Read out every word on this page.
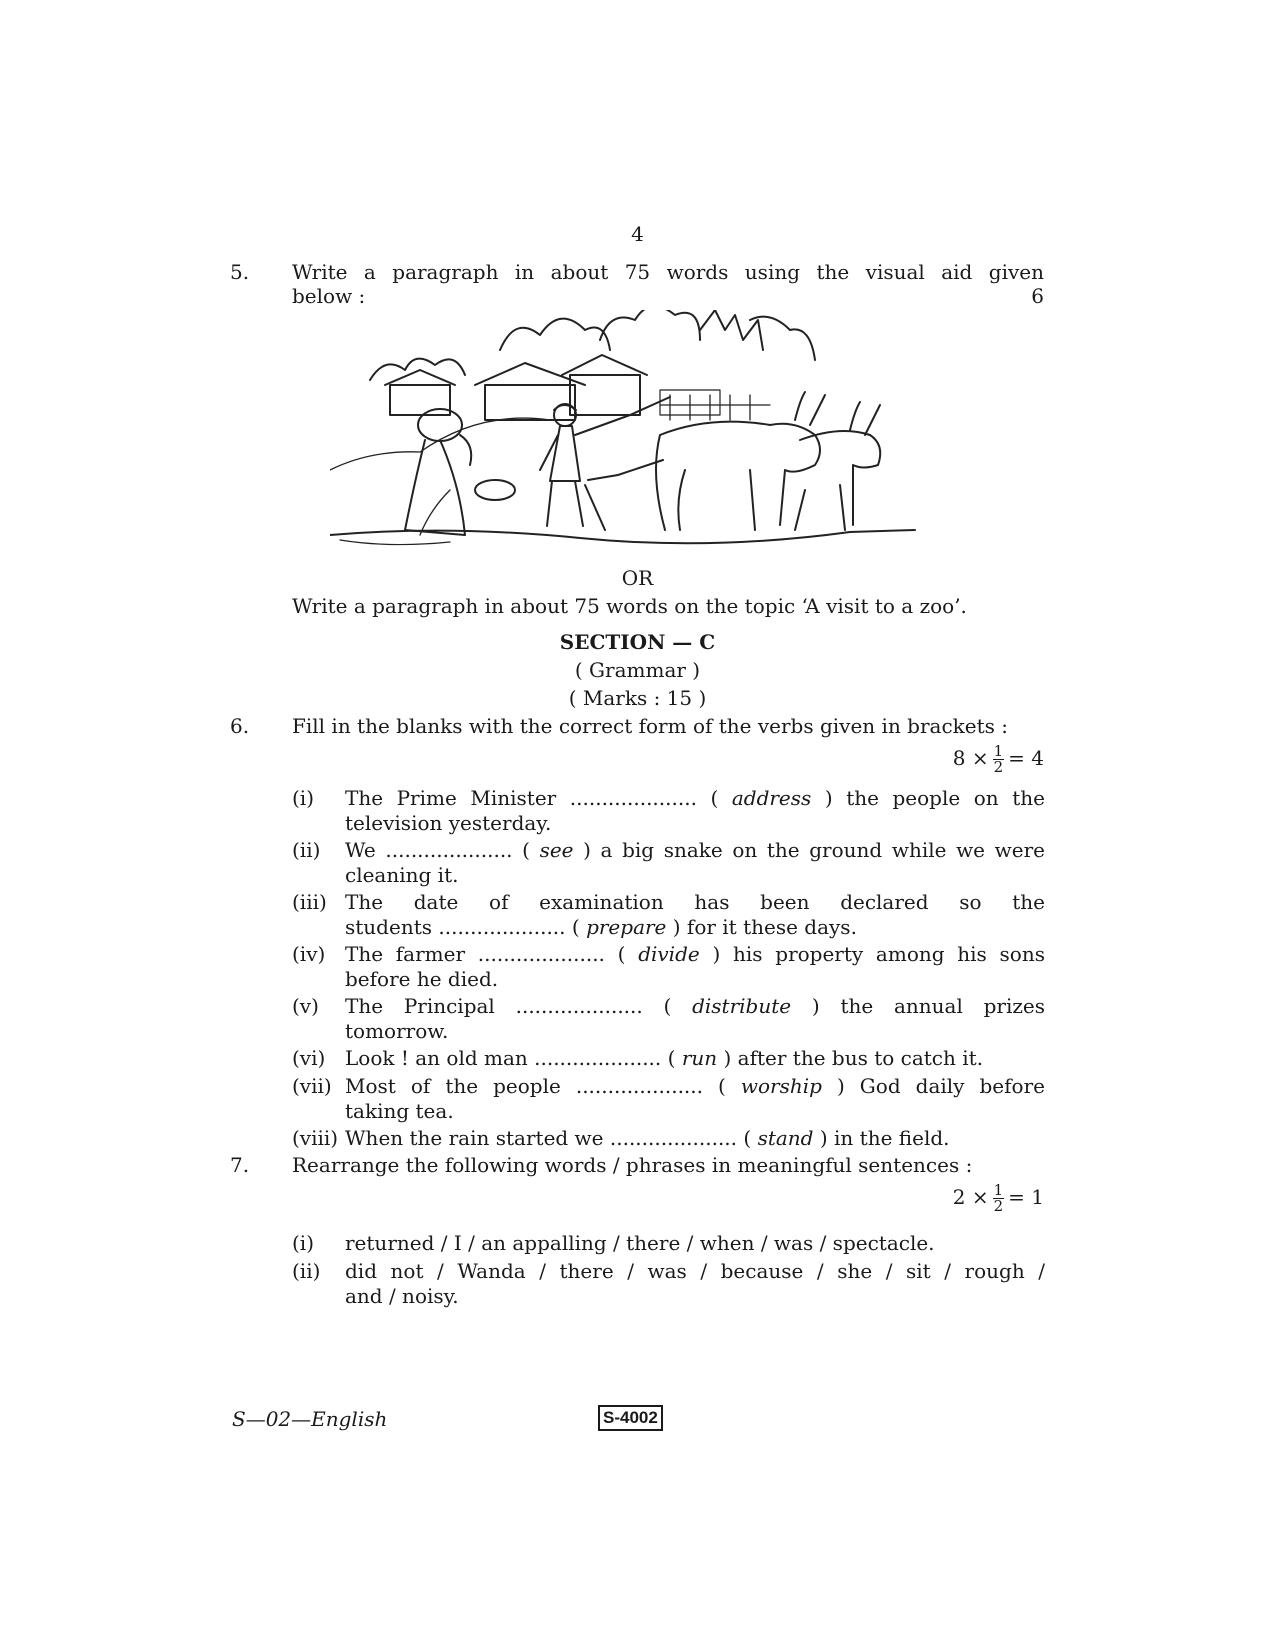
4
5. Write a paragraph in about 75 words using the visual aid given
below :	6
OR
Write a paragraph in about 75 words on the topic ‘A visit to a zoo’.
SECTION — C
( Grammar )
( Marks : 15 )
6. Fill in the blanks with the correct form of the verbs given in brackets :
$8 \times \frac{1}{2} = 4$
(i) The Prime Minister .................... ( address ) the people on the
television yesterday.
(ii) We .................... ( see ) a big snake on the ground while we were
cleaning it.
(iii) The date of examination has been declared so the
students .................... ( prepare ) for it these days.
(iv) The farmer .................... ( divide ) his property among his sons
before he died.
(v) The Principal .................... ( distribute ) the annual prizes
tomorrow.
(vi) Look ! an old man .................... ( run ) after the bus to catch it.
(vii) Most of the people .................... ( worship ) God daily before
taking tea.
(viii) When the rain started we .................... ( stand ) in the field.
7. Rearrange the following words / phrases in meaningful sentences :
$2 \times \frac{1}{2} = 1$
(i) returned / I / an appalling / there / when / was / spectacle.
(ii) did not / Wanda / there / was / because / she / sit / rough /
and / noisy.
S—02—English	S-4002
